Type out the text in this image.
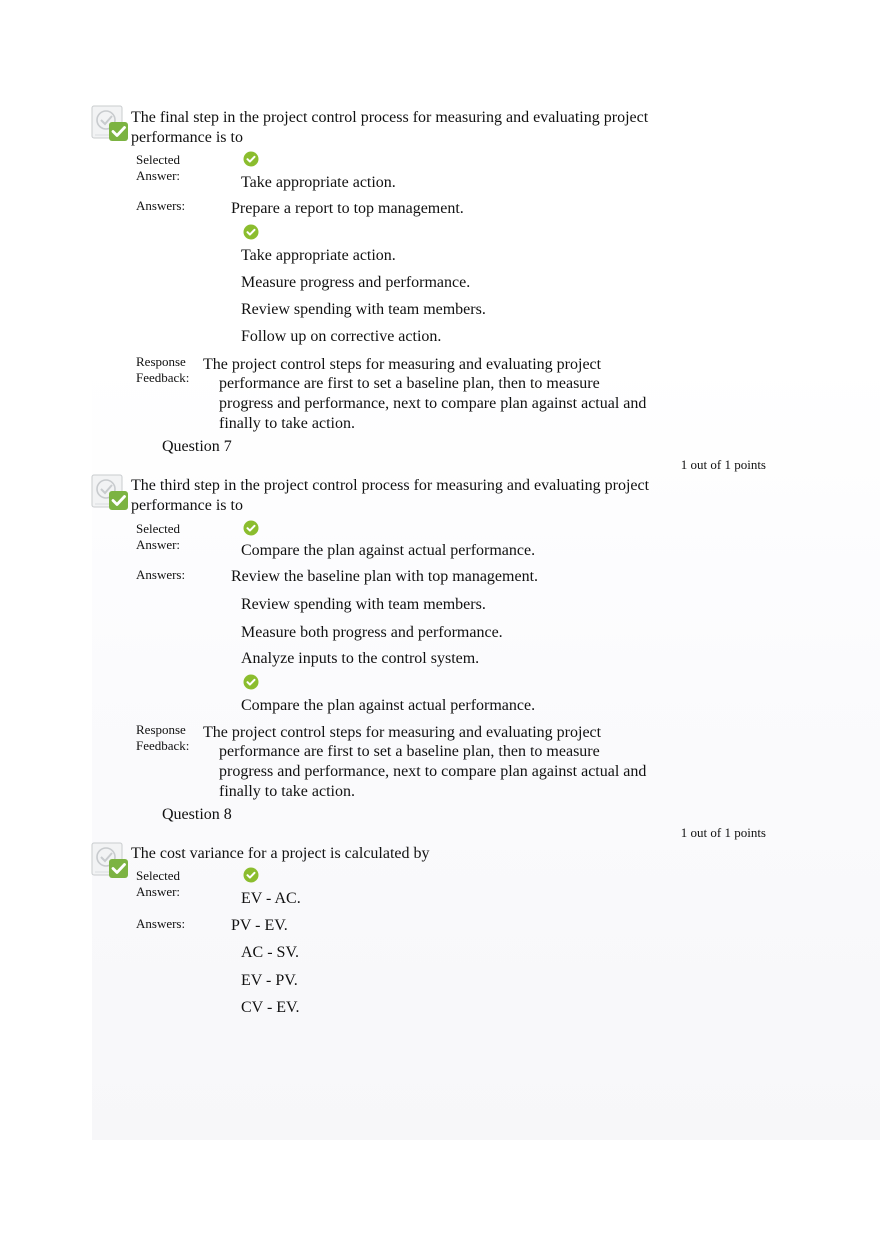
The final step in the project control process for measuring and evaluating project
performance is to
Selected
Answer:	Take appropriate action.
Answers:	Prepare a report to top management.
Take appropriate action.
Measure progress and performance.
Review spending with team members.
Follow up on corrective action.
Response
Feedback:
The project control steps for measuring and evaluating project
performance are first to set a baseline plan, then to measure
progress and performance, next to compare plan against actual and
finally to take action.
Question 7
1 out of 1 points
The third step in the project control process for measuring and evaluating project
performance is to
Selected
Answer:	Compare the plan against actual performance.
Answers:	Review the baseline plan with top management.
Review spending with team members.
Measure both progress and performance.
Analyze inputs to the control system.
Compare the plan against actual performance.
Response
Feedback:
The project control steps for measuring and evaluating project
performance are first to set a baseline plan, then to measure
progress and performance, next to compare plan against actual and
finally to take action.
Question 8
1 out of 1 points
The cost variance for a project is calculated by
Selected
Answer:	EV - AC.
Answers:	PV - EV.
AC - SV.
EV - PV.
CV - EV.
